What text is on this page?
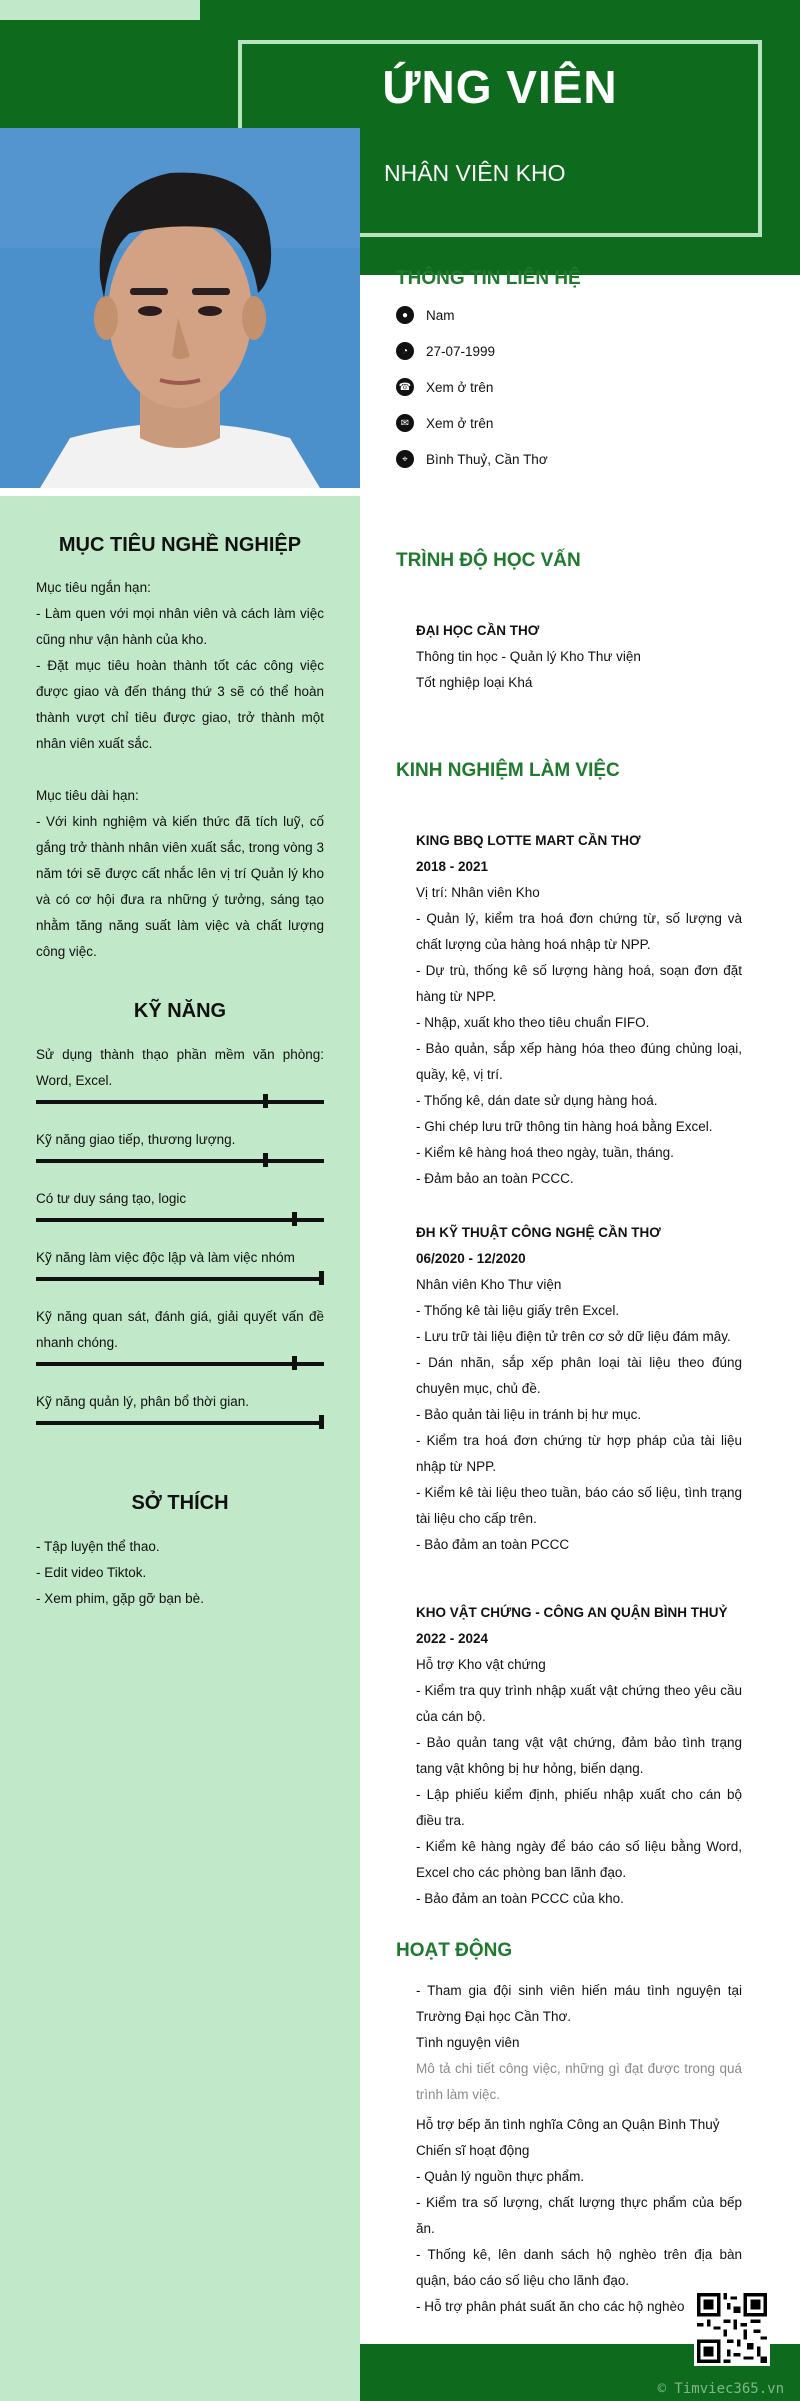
ỨNG VIÊN
NHÂN VIÊN KHO
THÔNG TIN LIÊN HỆ
●	Nam
◔	27-07-1999
☎ Xem ở trên
✉	Xem ở trên
⌖	Bình Thuỷ, Cần Thơ
MỤC TIÊU NGHỀ NGHIỆP

Mục tiêu ngắn hạn:

- Làm quen với mọi nhân viên và cách làm việc cũng như vận hành của kho.

- Đặt mục tiêu hoàn thành tốt các công việc được giao và đến tháng thứ 3 sẽ có thể hoàn thành vượt chỉ tiêu được giao, trở thành một nhân viên xuất sắc.

Mục tiêu dài hạn:

- Với kinh nghiệm và kiến thức đã tích luỹ, cố gắng trở thành nhân viên xuất sắc, trong vòng 3 năm tới sẽ được cất nhắc lên vị trí Quản lý kho và có cơ hội đưa ra những ý tưởng, sáng tạo nhằm tăng năng suất làm việc và chất lượng công việc.

KỸ NĂNG
Sử dụng thành thạo phần mềm văn phòng: Word, Excel.
Kỹ năng giao tiếp, thương lượng.
Có tư duy sáng tạo, logic
Kỹ năng làm việc độc lập và làm việc nhóm
Kỹ năng quan sát, đánh giá, giải quyết vấn đề nhanh chóng.
Kỹ năng quản lý, phân bổ thời gian.
SỞ THÍCH

- Tập luyện thể thao.

- Edit video Tiktok.

- Xem phim, gặp gỡ bạn bè.

TRÌNH ĐỘ HỌC VẤN

ĐẠI HỌC CẦN THƠ

Thông tin học - Quản lý Kho Thư viện

Tốt nghiệp loại Khá

KINH NGHIỆM LÀM VIỆC

KING BBQ LOTTE MART CẦN THƠ

2018 - 2021

Vị trí: Nhân viên Kho

- Quản lý, kiểm tra hoá đơn chứng từ, số lượng và chất lượng của hàng hoá nhập từ NPP.

- Dự trù, thống kê số lượng hàng hoá, soạn đơn đặt hàng từ NPP.

- Nhập, xuất kho theo tiêu chuẩn FIFO.

- Bảo quản, sắp xếp hàng hóa theo đúng chủng loại, quầy, kệ, vị trí.

- Thống kê, dán date sử dụng hàng hoá.

- Ghi chép lưu trữ thông tin hàng hoá bằng Excel.

- Kiểm kê hàng hoá theo ngày, tuần, tháng.

- Đảm bảo an toàn PCCC.

ĐH KỸ THUẬT CÔNG NGHỆ CẦN THƠ

06/2020 - 12/2020

Nhân viên Kho Thư viện

- Thống kê tài liệu giấy trên Excel.

- Lưu trữ tài liệu điện tử trên cơ sở dữ liệu đám mây.

- Dán nhãn, sắp xếp phân loại tài liệu theo đúng chuyên mục, chủ đề.

- Bảo quản tài liệu in tránh bị hư mục.

- Kiểm tra hoá đơn chứng từ hợp pháp của tài liệu nhập từ NPP.

- Kiểm kê tài liệu theo tuần, báo cáo số liệu, tình trạng tài liệu cho cấp trên.

- Bảo đảm an toàn PCCC

KHO VẬT CHỨNG - CÔNG AN QUẬN BÌNH THUỶ

2022 - 2024

Hỗ trợ Kho vật chứng

- Kiểm tra quy trình nhập xuất vật chứng theo yêu cầu của cán bộ.

- Bảo quản tang vật vật chứng, đảm bảo tình trạng tang vật không bị hư hỏng, biến dạng.

- Lập phiếu kiểm định, phiếu nhập xuất cho cán bộ điều tra.

- Kiểm kê hàng ngày để báo cáo số liệu bằng Word, Excel cho các phòng ban lãnh đạo.

- Bảo đảm an toàn PCCC của kho.

HOẠT ĐỘNG

- Tham gia đội sinh viên hiến máu tình nguyện tại Trường Đại học Cần Thơ.

Tình nguyện viên

Mô tả chi tiết công việc, những gì đạt được trong quá trình làm việc.

Hỗ trợ bếp ăn tình nghĩa Công an Quận Bình Thuỷ

Chiến sĩ hoạt động

- Quản lý nguồn thực phẩm.

- Kiểm tra số lượng, chất lượng thực phẩm của bếp ăn.

- Thống kê, lên danh sách hộ nghèo trên địa bàn quận, báo cáo số liệu cho lãnh đạo.

- Hỗ trợ phân phát suất ăn cho các hộ nghèo

© Timviec365.vn
